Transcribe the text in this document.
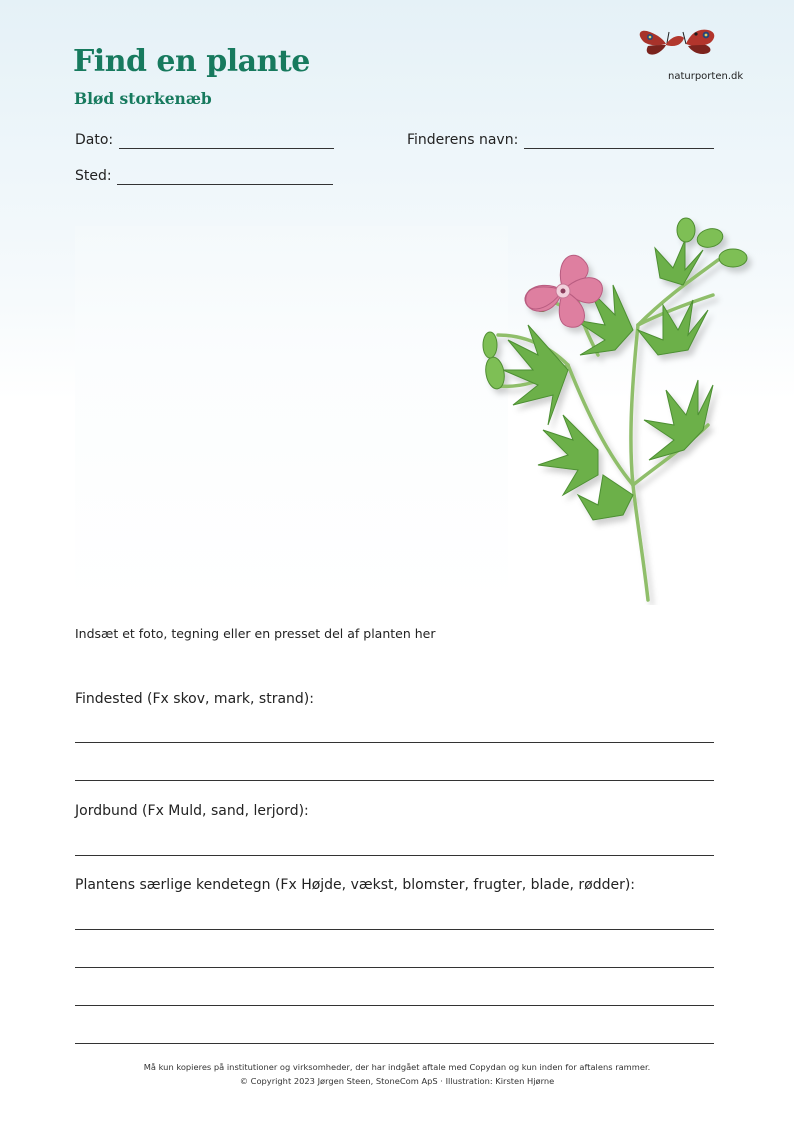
Find en plante
Blød storkenæb
naturporten.dk
Dato:	Finderens navn:
Sted:
Indsæt et foto, tegning eller en presset del af planten her
Findested (Fx skov, mark, strand):
Jordbund (Fx Muld, sand, lerjord):
Plantens særlige kendetegn (Fx Højde, vækst, blomster, frugter, blade, rødder):
Må kun kopieres på institutioner og virksomheder, der har indgået aftale med Copydan og kun inden for aftalens rammer.
© Copyright 2023 Jørgen Steen, StoneCom ApS · Illustration: Kirsten Hjørne
